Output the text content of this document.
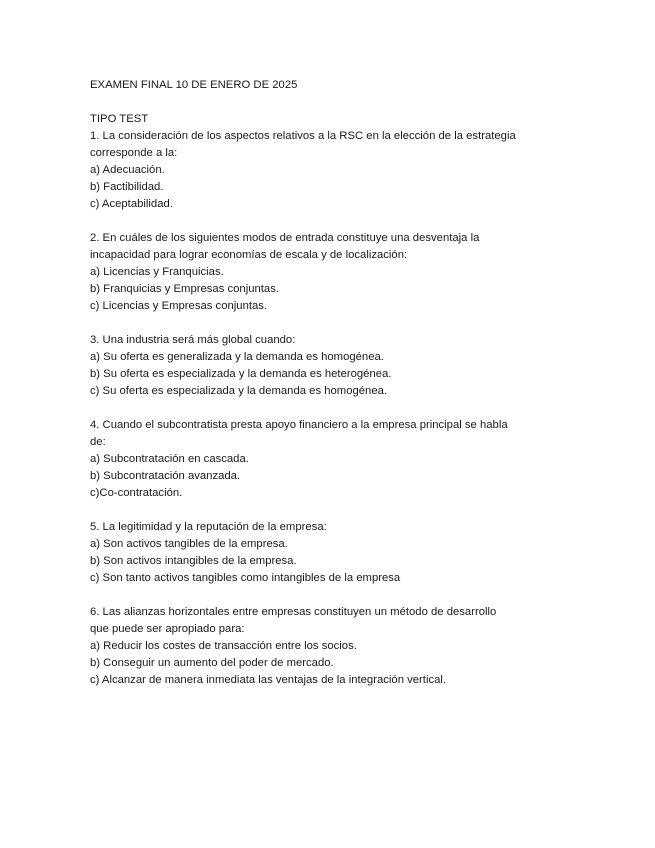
EXAMEN FINAL 10 DE ENERO DE 2025
TIPO TEST
1. La consideración de los aspectos relativos a la RSC en la elección de la estrategia
corresponde a la:
a) Adecuación.
b) Factibilidad.
c) Aceptabilidad.
2. En cuáles de los siguientes modos de entrada constituye una desventaja la
incapacidad para lograr economías de escala y de localización:
a) Licencias y Franquicias.
b) Franquicias y Empresas conjuntas.
c) Licencias y Empresas conjuntas.
3. Una industria será más global cuando:
a) Su oferta es generalizada y la demanda es homogénea.
b) Su oferta es especializada y la demanda es heterogénea.
c) Su oferta es especializada y la demanda es homogénea.
4. Cuando el subcontratista presta apoyo financiero a la empresa principal se habla
de:
a) Subcontratación en cascada.
b) Subcontratación avanzada.
c)Co-contratación.
5. La legitimidad y la reputación de la empresa:
a) Son activos tangibles de la empresa.
b) Son activos intangibles de la empresa.
c) Son tanto activos tangibles como intangibles de la empresa
6. Las alianzas horizontales entre empresas constituyen un método de desarrollo
que puede ser apropiado para:
a) Reducir los costes de transacción entre los socios.
b) Conseguir un aumento del poder de mercado.
c) Alcanzar de manera inmediata las ventajas de la integración vertical.
